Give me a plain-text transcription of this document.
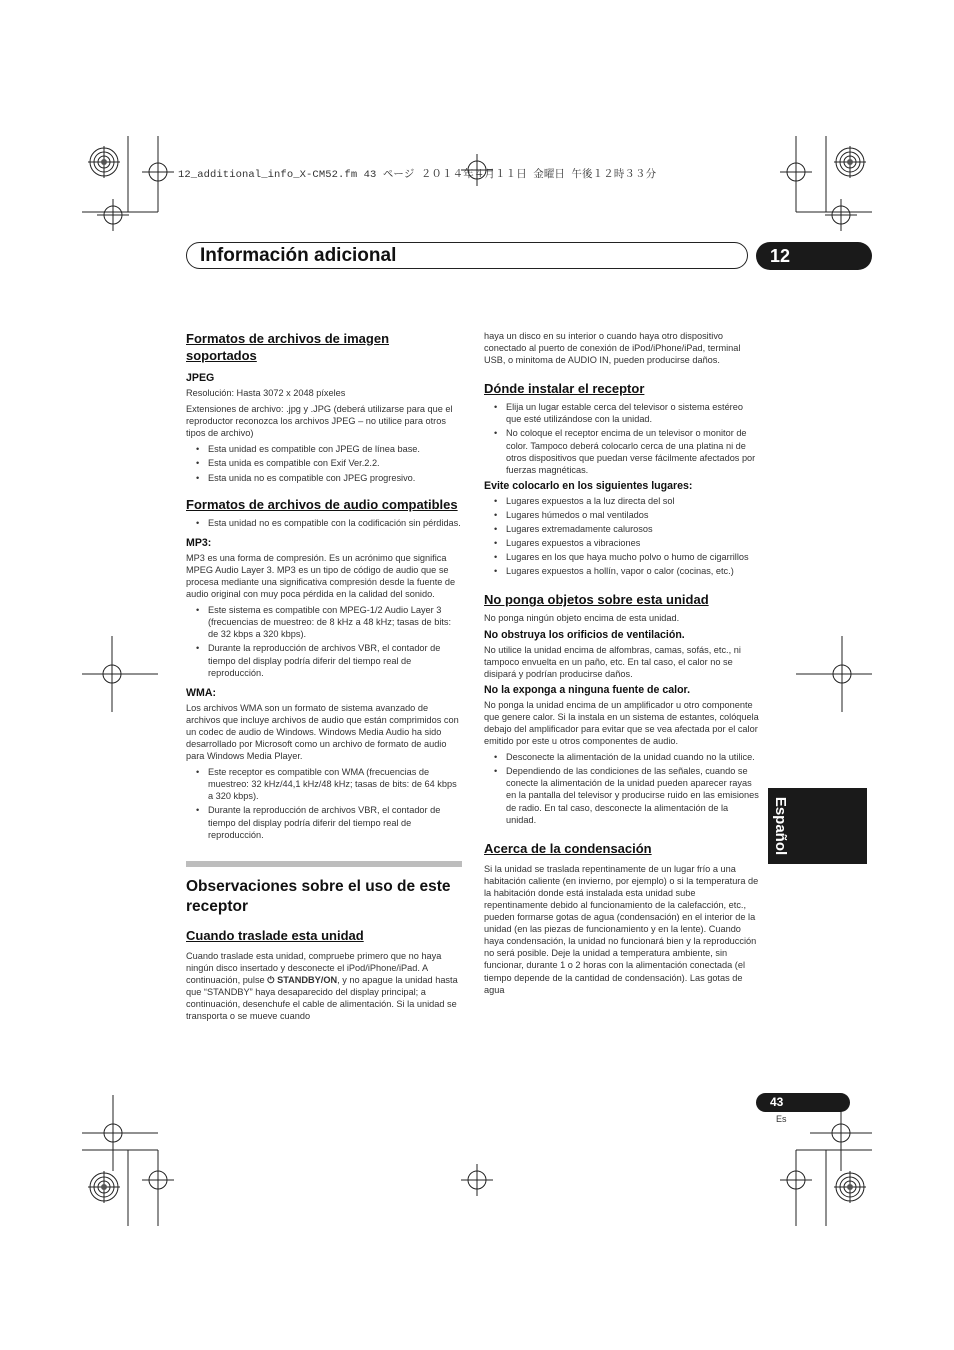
12_additional_info_X-CM52.fm 43 ページ ２０１４年４月１１日 金曜日 午後１２時３３分
Información adicional	12
Formatos de archivos de imagen soportados
JPEG

Resolución: Hasta 3072 x 2048 píxeles

Extensiones de archivo: .jpg y .JPG (deberá utilizarse para que el reproductor reconozca los archivos JPEG – no utilice para otros tipos de archivo)

• Esta unidad es compatible con JPEG de línea base.
• Esta unida es compatible con Exif Ver.2.2.
• Esta unida no es compatible con JPEG progresivo.
Formatos de archivos de audio compatibles
• Esta unidad no es compatible con la codificación sin pérdidas.
MP3:

MP3 es una forma de compresión. Es un acrónimo que significa MPEG Audio Layer 3. MP3 es un tipo de código de audio que se procesa mediante una significativa compresión desde la fuente de audio original con muy poca pérdida en la calidad del sonido.

• Este sistema es compatible con MPEG-1/2 Audio Layer 3 (frecuencias de muestreo: de 8 kHz a 48 kHz; tasas de bits: de 32 kbps a 320 kbps).
• Durante la reproducción de archivos VBR, el contador de tiempo del display podría diferir del tiempo real de reproducción.
WMA:

Los archivos WMA son un formato de sistema avanzado de archivos que incluye archivos de audio que están comprimidos con un codec de audio de Windows. Windows Media Audio ha sido desarrollado por Microsoft como un archivo de formato de audio para Windows Media Player.

• Este receptor es compatible con WMA (frecuencias de muestreo: 32 kHz/44,1 kHz/48 kHz; tasas de bits: de 64 kbps a 320 kbps).
• Durante la reproducción de archivos VBR, el contador de tiempo del display podría diferir del tiempo real de reproducción.
Observaciones sobre el uso de este receptor
Cuando traslade esta unidad

Cuando traslade esta unidad, compruebe primero que no haya ningún disco insertado y desconecte el iPod/iPhone/iPad. A continuación, pulse ⏻ STANDBY/ON, y no apague la unidad hasta que “STANDBY” haya desaparecido del display principal; a continuación, desenchufe el cable de alimentación. Si la unidad se transporta o se mueve cuando

haya un disco en su interior o cuando haya otro dispositivo conectado al puerto de conexión de iPod/iPhone/iPad, terminal USB, o minitoma de AUDIO IN, pueden producirse daños.

Dónde instalar el receptor
• Elija un lugar estable cerca del televisor o sistema estéreo que esté utilizándose con la unidad.
• No coloque el receptor encima de un televisor o monitor de color. Tampoco deberá colocarlo cerca de una platina ni de otros dispositivos que puedan verse fácilmente afectados por fuerzas magnéticas.
Evite colocarlo en los siguientes lugares:
• Lugares expuestos a la luz directa del sol
• Lugares húmedos o mal ventilados
• Lugares extremadamente calurosos
• Lugares expuestos a vibraciones
• Lugares en los que haya mucho polvo o humo de cigarrillos
• Lugares expuestos a hollín, vapor o calor (cocinas, etc.)
No ponga objetos sobre esta unidad

No ponga ningún objeto encima de esta unidad.

No obstruya los orificios de ventilación.

No utilice la unidad encima de alfombras, camas, sofás, etc., ni tampoco envuelta en un paño, etc. En tal caso, el calor no se disipará y podrían producirse daños.

No la exponga a ninguna fuente de calor.

No ponga la unidad encima de un amplificador u otro componente que genere calor. Si la instala en un sistema de estantes, colóquela debajo del amplificador para evitar que se vea afectada por el calor emitido por este u otros componentes de audio.

• Desconecte la alimentación de la unidad cuando no la utilice.
• Dependiendo de las condiciones de las señales, cuando se conecte la alimentación de la unidad pueden aparecer rayas en la pantalla del televisor y producirse ruido en las emisiones de radio. En tal caso, desconecte la alimentación de la unidad.
Acerca de la condensación

Si la unidad se traslada repentinamente de un lugar frío a una habitación caliente (en invierno, por ejemplo) o si la temperatura de la habitación donde está instalada esta unidad sube repentinamente debido al funcionamiento de la calefacción, etc., pueden formarse gotas de agua (condensación) en el interior de la unidad (en las piezas de funcionamiento y en la lente). Cuando haya condensación, la unidad no funcionará bien y la reproducción no será posible. Deje la unidad a temperatura ambiente, sin funcionar, durante 1 o 2 horas con la alimentación conectada (el tiempo depende de la cantidad de condensación). Las gotas de agua

Español
43
Es
